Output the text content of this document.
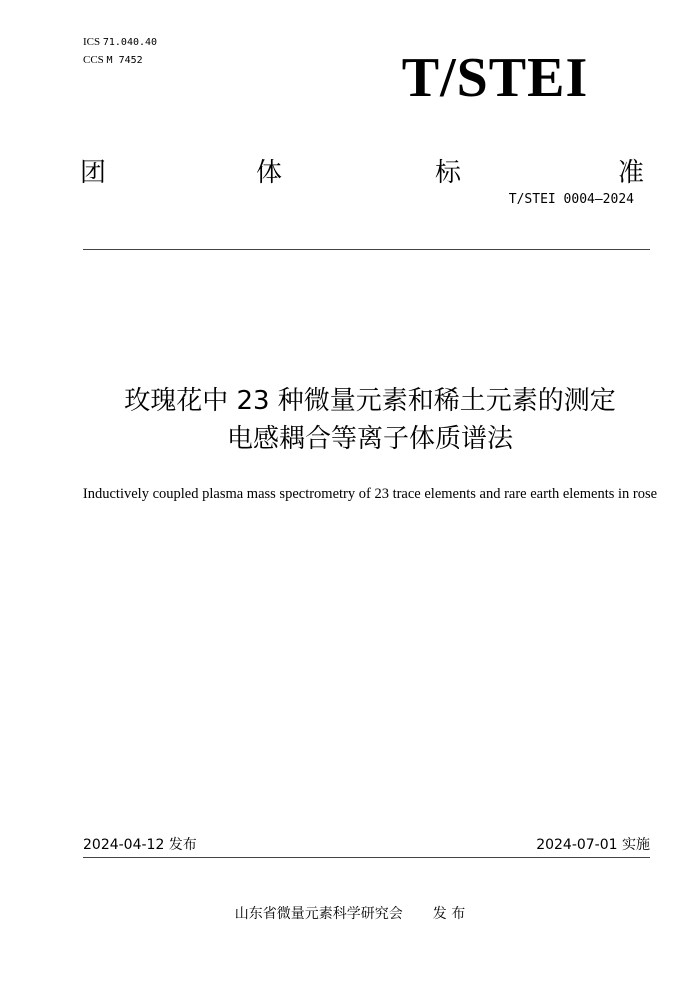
ICS 71.040.40
CCS M 7452	T/STEI
团	体	标	准
T/STEI 0004—2024
玫瑰花中 23 种微量元素和稀土元素的测定
电感耦合等离子体质谱法
Inductively coupled plasma mass spectrometry of 23 trace elements and rare earth elements in rose
2024-04-12 发布	2024-07-01 实施
山东省微量元素科学研究会 发 布
